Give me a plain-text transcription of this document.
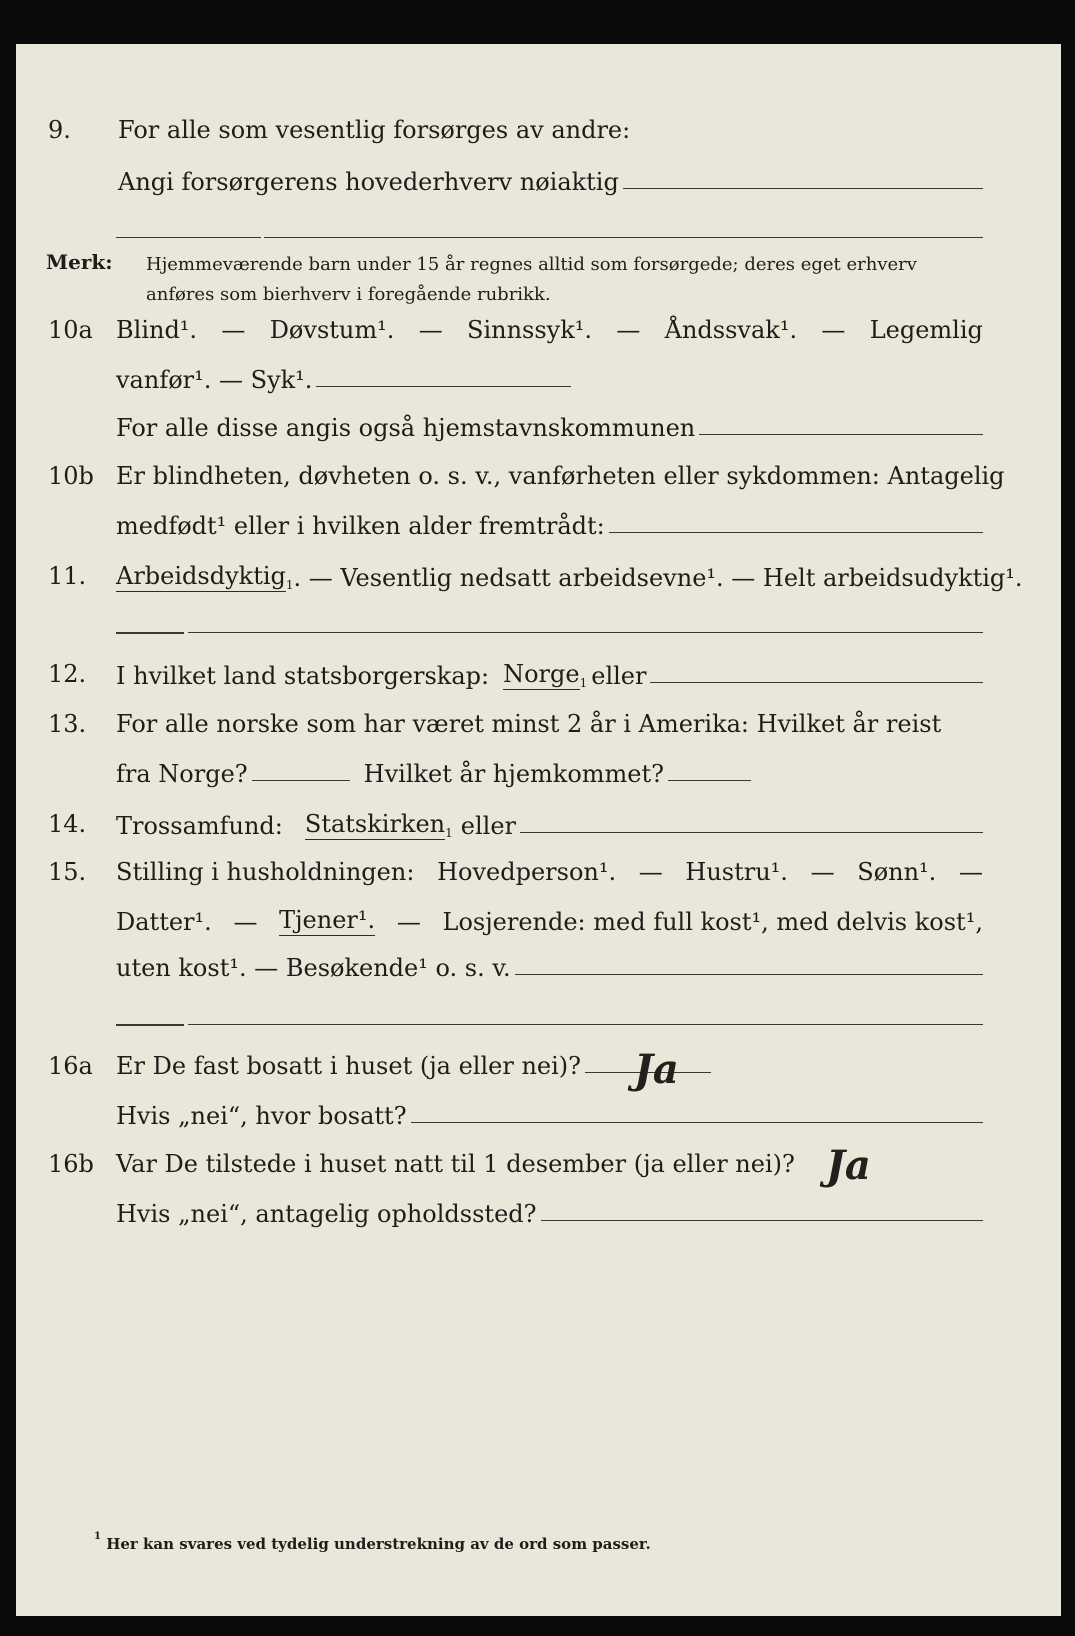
9. For alle som vesentlig forsørges av andre:
Angi forsørgerens hovederhverv nøiaktig
Merk: Hjemmeværende barn under 15 år regnes alltid som forsørgede; deres eget erhverv
anføres som bierhverv i foregående rubrikk.
10a Blind¹. — Døvstum¹. — Sinnssyk¹. — Åndssvak¹. — Legemlig
vanfør¹. — Syk¹.
For alle disse angis også hjemstavnskommunen
10b Er blindheten, døvheten o. s. v., vanførheten eller sykdommen: Antagelig
medfødt¹ eller i hvilken alder fremtrådt:
11. Arbeidsdyktig$_1$ . — Vesentlig nedsatt arbeidsevne¹. — Helt arbeidsudyktig¹.
12. I hvilket land statsborgerskap: Norge$_1$ eller
13. For alle norske som har været minst 2 år i Amerika: Hvilket år reist
fra Norge?	Hvilket år hjemkommet?
14. Trossamfund: Statskirken$_1$ eller
15. Stilling i husholdningen: Hovedperson¹. — Hustru¹. — Sønn¹. —
Datter¹. — Tjener¹. — Losjerende: med full kost¹, med delvis kost¹,
uten kost¹. — Besøkende¹ o. s. v.
16a Er De fast bosatt i huset (ja eller nei)? Ja
Hvis „nei“, hvor bosatt?
16b Var De tilstede i huset natt til 1 desember (ja eller nei)? Ja
Hvis „nei“, antagelig opholdssted?
$^1$ Her kan svares ved tydelig understrekning av de ord som passer.
